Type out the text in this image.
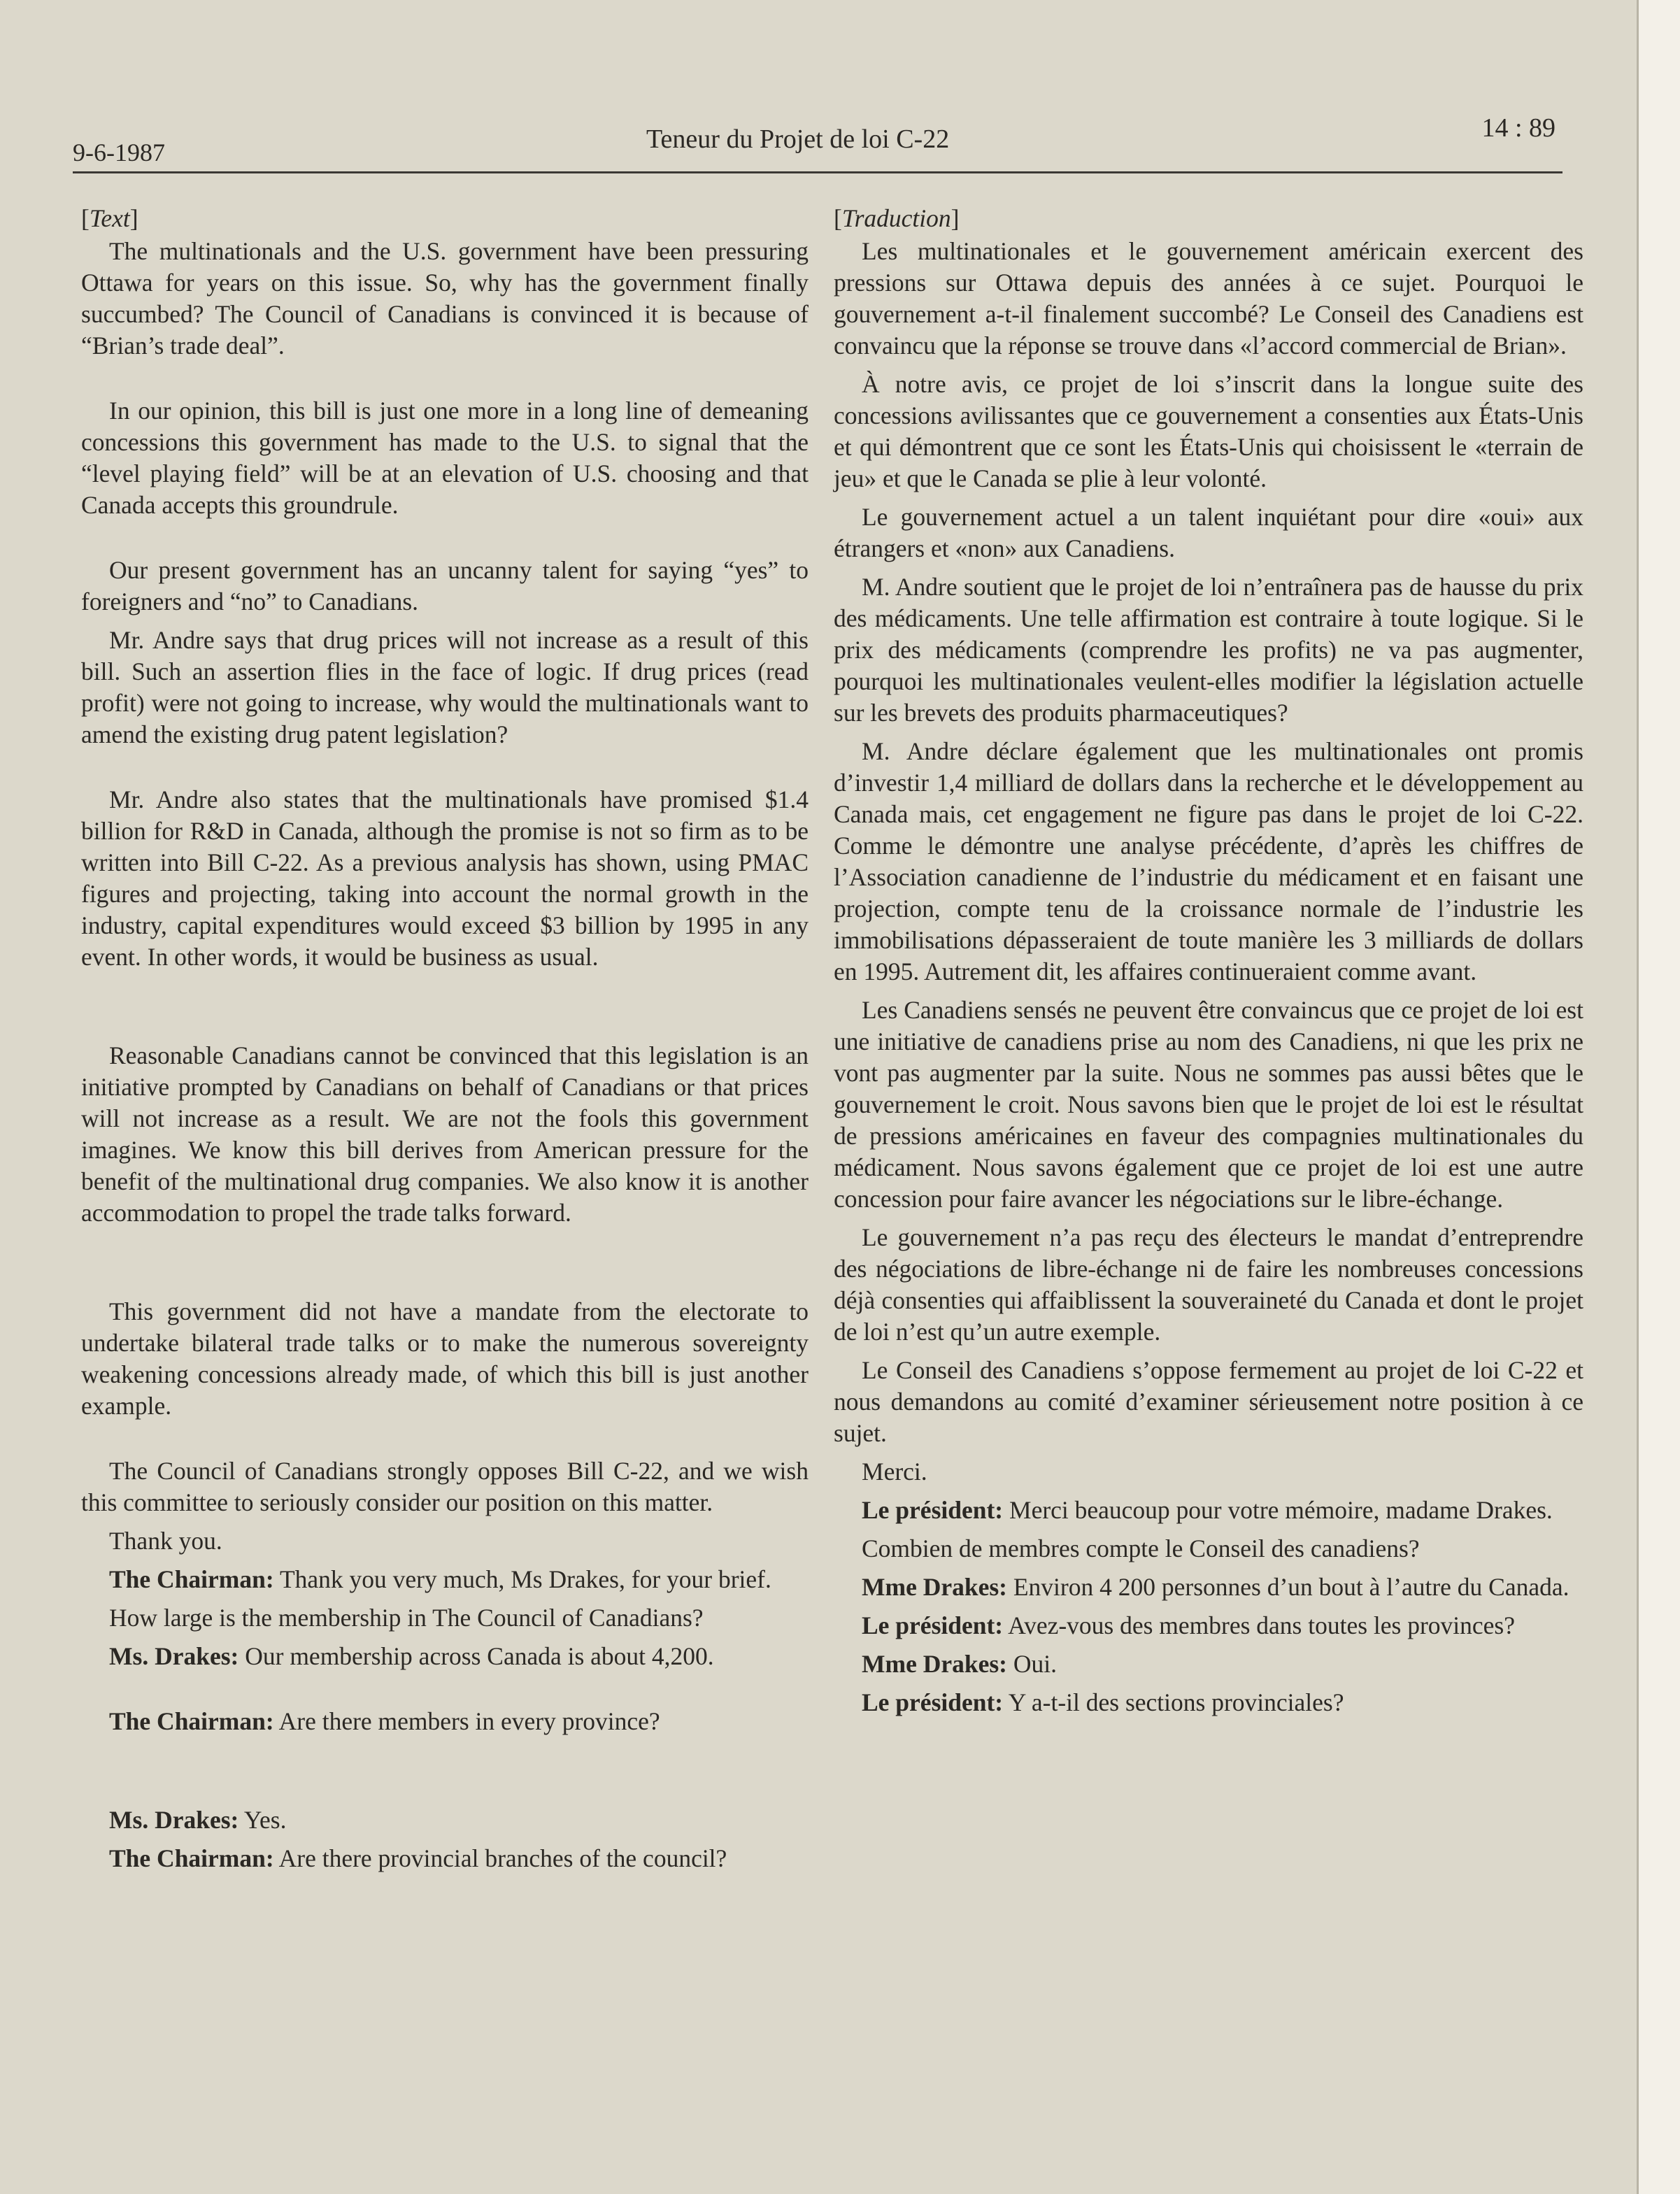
9-6-1987	Teneur du Projet de loi C-22	14 : 89

[Text]

The multinationals and the U.S. government have been pressuring Ottawa for years on this issue. So, why has the government finally succumbed? The Council of Canadians is convinced it is because of “Brian’s trade deal”.

In our opinion, this bill is just one more in a long line of demeaning concessions this government has made to the U.S. to signal that the “level playing field” will be at an elevation of U.S. choosing and that Canada accepts this groundrule.

Our present government has an uncanny talent for saying “yes” to foreigners and “no” to Canadians.

Mr. Andre says that drug prices will not increase as a result of this bill. Such an assertion flies in the face of logic. If drug prices (read profit) were not going to increase, why would the multinationals want to amend the existing drug patent legislation?

Mr. Andre also states that the multinationals have promised $1.4 billion for R&D in Canada, although the promise is not so firm as to be written into Bill C-22. As a previous analysis has shown, using PMAC figures and projecting, taking into account the normal growth in the industry, capital expenditures would exceed $3 billion by 1995 in any event. In other words, it would be business as usual.

Reasonable Canadians cannot be convinced that this legislation is an initiative prompted by Canadians on behalf of Canadians or that prices will not increase as a result. We are not the fools this government imagines. We know this bill derives from American pressure for the benefit of the multinational drug companies. We also know it is another accommodation to propel the trade talks forward.

This government did not have a mandate from the electorate to undertake bilateral trade talks or to make the numerous sovereignty weakening concessions already made, of which this bill is just another example.

The Council of Canadians strongly opposes Bill C-22, and we wish this committee to seriously consider our position on this matter.

Thank you.

The Chairman: Thank you very much, Ms Drakes, for your brief.

How large is the membership in The Council of Canadians?

Ms. Drakes: Our membership across Canada is about 4,200.

The Chairman: Are there members in every province?

Ms. Drakes: Yes.

The Chairman: Are there provincial branches of the council?

[Traduction]

Les multinationales et le gouvernement américain exercent des pressions sur Ottawa depuis des années à ce sujet. Pourquoi le gouvernement a-t-il finalement succombé? Le Conseil des Canadiens est convaincu que la réponse se trouve dans «l’accord commercial de Brian».

À notre avis, ce projet de loi s’inscrit dans la longue suite des concessions avilissantes que ce gouvernement a consenties aux États-Unis et qui démontrent que ce sont les États-Unis qui choisissent le «terrain de jeu» et que le Canada se plie à leur volonté.

Le gouvernement actuel a un talent inquiétant pour dire «oui» aux étrangers et «non» aux Canadiens.

M. Andre soutient que le projet de loi n’entraînera pas de hausse du prix des médicaments. Une telle affirmation est contraire à toute logique. Si le prix des médicaments (comprendre les profits) ne va pas augmenter, pourquoi les multinationales veulent-elles modifier la législation actuelle sur les brevets des produits pharmaceutiques?

M. Andre déclare également que les multinationales ont promis d’investir 1,4 milliard de dollars dans la recherche et le développement au Canada mais, cet engagement ne figure pas dans le projet de loi C-22. Comme le démontre une analyse précédente, d’après les chiffres de l’Association canadienne de l’industrie du médicament et en faisant une projection, compte tenu de la croissance normale de l’industrie les immobilisations dépasseraient de toute manière les 3 milliards de dollars en 1995. Autrement dit, les affaires continueraient comme avant.

Les Canadiens sensés ne peuvent être convaincus que ce projet de loi est une initiative de canadiens prise au nom des Canadiens, ni que les prix ne vont pas augmenter par la suite. Nous ne sommes pas aussi bêtes que le gouvernement le croit. Nous savons bien que le projet de loi est le résultat de pressions américaines en faveur des compagnies multinationales du médicament. Nous savons également que ce projet de loi est une autre concession pour faire avancer les négociations sur le libre-échange.

Le gouvernement n’a pas reçu des électeurs le mandat d’entreprendre des négociations de libre-échange ni de faire les nombreuses concessions déjà consenties qui affaiblissent la souveraineté du Canada et dont le projet de loi n’est qu’un autre exemple.

Le Conseil des Canadiens s’oppose fermement au projet de loi C-22 et nous demandons au comité d’examiner sérieusement notre position à ce sujet.

Merci.

Le président: Merci beaucoup pour votre mémoire, madame Drakes.

Combien de membres compte le Conseil des canadiens?

Mme Drakes: Environ 4 200 personnes d’un bout à l’autre du Canada.

Le président: Avez-vous des membres dans toutes les provinces?

Mme Drakes: Oui.

Le président: Y a-t-il des sections provinciales?
